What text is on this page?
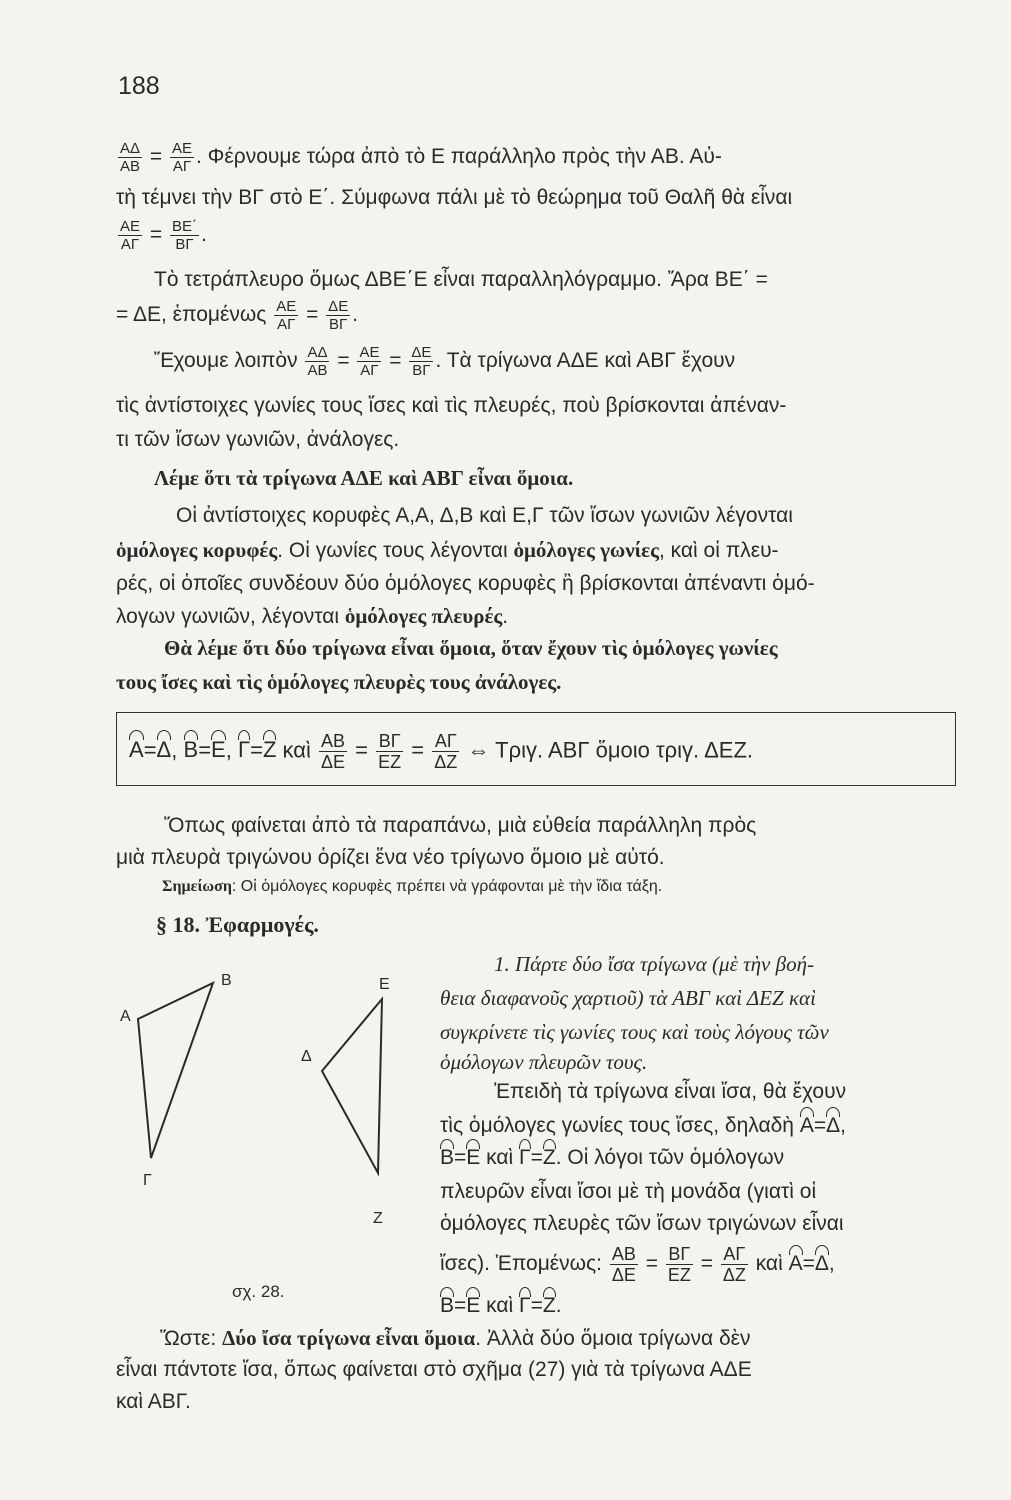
188
$\frac{A\Delta}{AB} = \frac{AE}{A\Gamma}$ . Φέρνουμε τώρα ἀπὸ τὸ Ε παράλληλο πρὸς τὴν ΑΒ. Αὐ-
τὴ τέμνει τὴν ΒΓ στὸ Ε΄. Σύμφωνα πάλι μὲ τὸ θεώρημα τοῦ Θαλῆ θὰ εἶναι
$\frac{AE}{A\Gamma} = \frac{BE΄}{B\Gamma}$ .
Τὸ τετράπλευρο ὅμως ΔΒΕ΄Ε εἶναι παραλληλόγραμμο. Ἄρα ΒΕ΄ =
= ΔΕ, ἑπομένως $\frac{AE}{A\Gamma} = \frac{\Delta E}{B\Gamma}$ .
Ἔχουμε λοιπὸν $\frac{A\Delta}{AB} = \frac{AE}{A\Gamma} = \frac{\Delta E}{B\Gamma}$ . Τὰ τρίγωνα ΑΔΕ καὶ ΑΒΓ ἔχουν
τὶς ἀντίστοιχες γωνίες τους ἴσες καὶ τὶς πλευρές, ποὺ βρίσκονται ἀπέναν-
τι τῶν ἴσων γωνιῶν, ἀνάλογες.
Λέμε ὅτι τὰ τρίγωνα ΑΔΕ καὶ ΑΒΓ εἶναι ὅμοια.
Οἱ ἀντίστοιχες κορυφὲς Α,Α, Δ,Β καὶ Ε,Γ τῶν ἴσων γωνιῶν λέγονται
ὁμόλογες κορυφές. Οἱ γωνίες τους λέγονται ὁμόλογες γωνίες, καὶ οἱ πλευ-
ρές, οἱ ὁποῖες συνδέουν δύο ὁμόλογες κορυφὲς ἢ βρίσκονται ἀπέναντι ὁμό-
λογων γωνιῶν, λέγονται ὁμόλογες πλευρές.
Θὰ λέμε ὅτι δύο τρίγωνα εἶναι ὅμοια, ὅταν ἔχουν τὶς ὁμόλογες γωνίες
τους ἴσες καὶ τὶς ὁμόλογες πλευρὲς τους ἀνάλογες.
Α=Δ, Β=Ε, Γ=Ζ καὶ $\frac{AB}{\Delta E} = \frac{B\Gamma}{EZ} = \frac{A\Gamma}{\Delta Z}$ ⇔ Τριγ. ΑΒΓ ὅμοιο τριγ. ΔΕΖ.
Ὅπως φαίνεται ἀπὸ τὰ παραπάνω, μιὰ εὐθεία παράλληλη πρὸς
μιὰ πλευρὰ τριγώνου ὁρίζει ἕνα νέο τρίγωνο ὅμοιο μὲ αὐτό.
Σημείωση: Οἱ ὁμόλογες κορυφὲς πρέπει νὰ γράφονται μὲ τὴν ἴδια τάξη.
§ 18. Ἐφαρμογές.
Β
Α
Γ
Ε
Δ
Ζ
σχ. 28.
1. Πάρτε δύο ἴσα τρίγωνα (μὲ τὴν βοή-
θεια διαφανοῦς χαρτιοῦ) τὰ ΑΒΓ καὶ ΔΕΖ καὶ
συγκρίνετε τὶς γωνίες τους καὶ τοὺς λόγους τῶν
ὁμόλογων πλευρῶν τους.
Ἐπειδὴ τὰ τρίγωνα εἶναι ἴσα, θὰ ἔχουν
τὶς ὁμόλογες γωνίες τους ἴσες, δηλαδὴ Α=Δ,
Β=Ε καὶ Γ=Ζ. Οἱ λόγοι τῶν ὁμόλογων
πλευρῶν εἶναι ἴσοι μὲ τὴ μονάδα (γιατὶ οἱ
ὁμόλογες πλευρὲς τῶν ἴσων τριγώνων εἶναι
ἴσες). Ἑπομένως: $\frac{AB}{\Delta E} = \frac{B\Gamma}{EZ} = \frac{A\Gamma}{\Delta Z}$ καὶ Α=Δ,
Β=Ε καὶ Γ=Ζ.
Ὥστε: Δύο ἴσα τρίγωνα εἶναι ὅμοια. Ἀλλὰ δύο ὅμοια τρίγωνα δὲν
εἶναι πάντοτε ἴσα, ὅπως φαίνεται στὸ σχῆμα (27) γιὰ τὰ τρίγωνα ΑΔΕ
καὶ ΑΒΓ.
